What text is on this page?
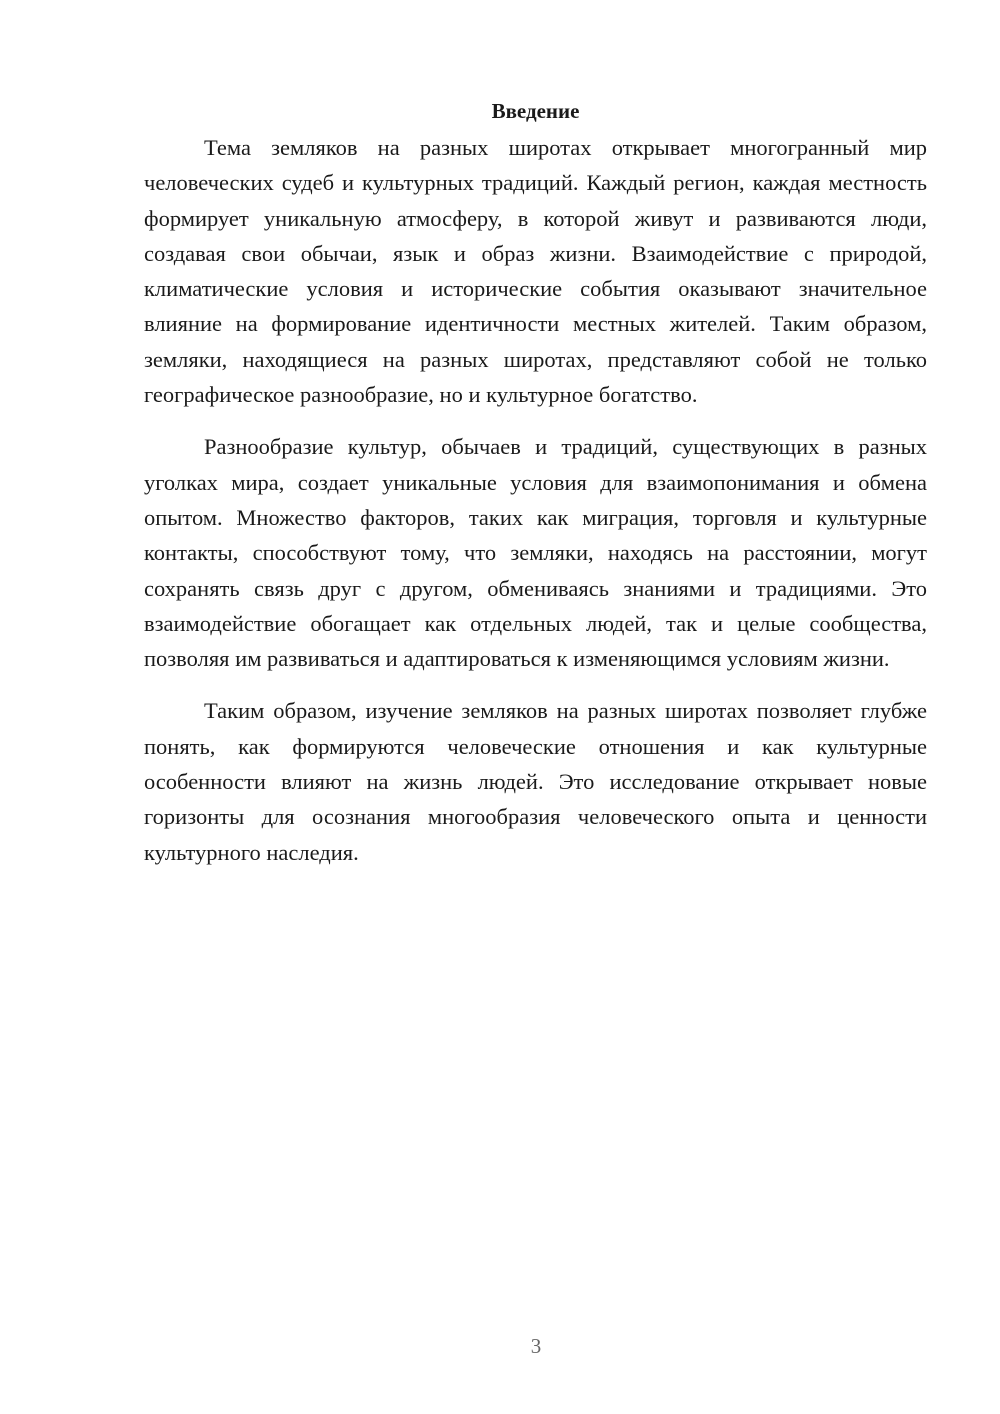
Введение

Тема земляков на разных широтах открывает многогранный мир человеческих судеб и культурных традиций. Каждый регион, каждая местность формирует уникальную атмосферу, в которой живут и развиваются люди, создавая свои обычаи, язык и образ жизни. Взаимодействие с природой, климатические условия и исторические события оказывают значительное влияние на формирование идентичности местных жителей. Таким образом, земляки, находящиеся на разных широтах, представляют собой не только географическое разнообразие, но и культурное богатство.

Разнообразие культур, обычаев и традиций, существующих в разных уголках мира, создает уникальные условия для взаимопонимания и обмена опытом. Множество факторов, таких как миграция, торговля и культурные контакты, способствуют тому, что земляки, находясь на расстоянии, могут сохранять связь друг с другом, обмениваясь знаниями и традициями. Это взаимодействие обогащает как отдельных людей, так и целые сообщества, позволяя им развиваться и адаптироваться к изменяющимся условиям жизни.

Таким образом, изучение земляков на разных широтах позволяет глубже понять, как формируются человеческие отношения и как культурные особенности влияют на жизнь людей. Это исследование открывает новые горизонты для осознания многообразия человеческого опыта и ценности культурного наследия.

3
